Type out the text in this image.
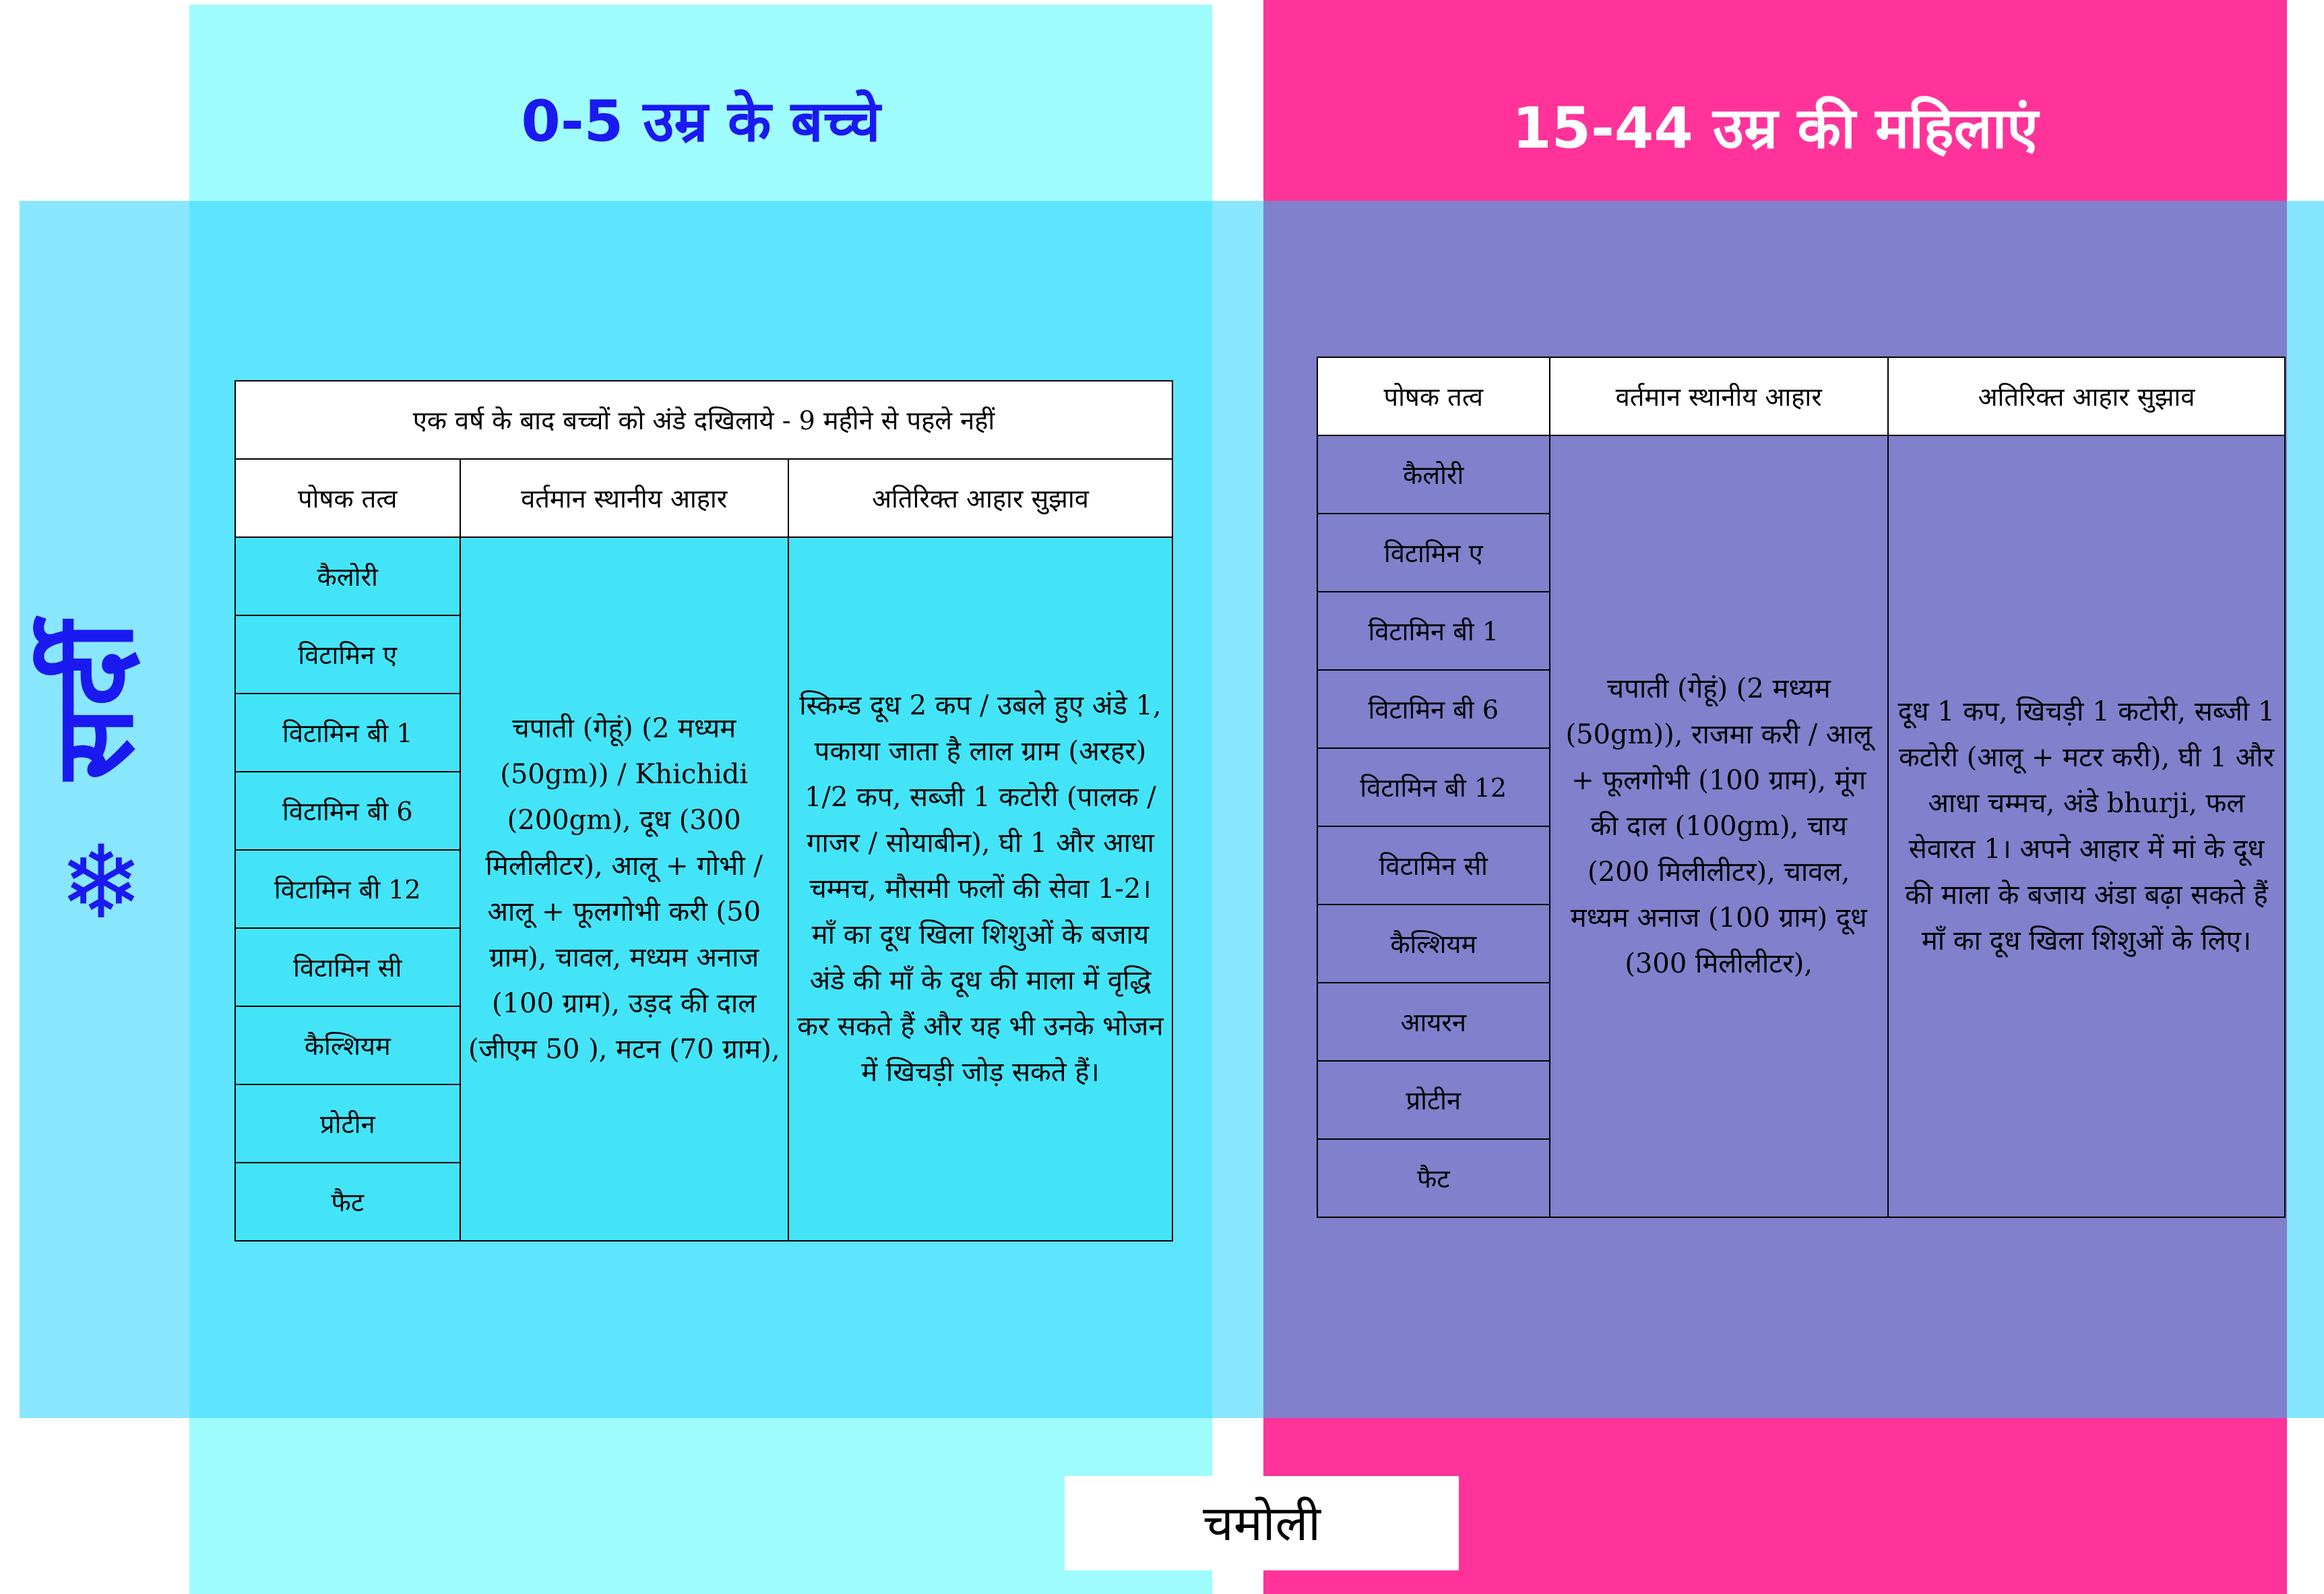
0-5 उम्र के बच्चे	15-44 उम्र की महिलाएं
सर्दी
❄
एक वर्ष के बाद बच्चों को अंडे दखिलाये - 9 महीने से पहले नहीं		
पोषक तत्व	वर्तमान स्थानीय आहार	अतिरिक्त आहार सुझाव
कैलोरी	चपाती (गेहूं) (2 मध्यम (50gm)) / Khichidi (200gm), दूध (300 मिलीलीटर), आलू + गोभी / आलू + फूलगोभी करी (50 ग्राम), चावल, मध्यम अनाज (100 ग्राम), उड़द की दाल (जीएम 50 ), मटन (70 ग्राम),	स्किम्ड दूध 2 कप / उबले हुए अंडे 1, पकाया जाता है लाल ग्राम (अरहर) 1/2 कप, सब्जी 1 कटोरी (पालक / गाजर / सोयाबीन), घी 1 और आधा चम्मच, मौसमी फलों की सेवा 1-2। माँ का दूध खिला शिशुओं के बजाय अंडे की माँ के दूध की माला में वृद्धि कर सकते हैं और यह भी उनके भोजन में खिचड़ी जोड़ सकते हैं।
विटामिन ए		
विटामिन बी 1		
विटामिन बी 6		
विटामिन बी 12		
विटामिन सी		
कैल्शियम		
प्रोटीन		
फैट		
पोषक तत्व	वर्तमान स्थानीय आहार	अतिरिक्त आहार सुझाव
कैलोरी	चपाती (गेहूं) (2 मध्यम (50gm)), राजमा करी / आलू + फूलगोभी (100 ग्राम), मूंग की दाल (100gm), चाय (200 मिलीलीटर), चावल, मध्यम अनाज (100 ग्राम) दूध (300 मिलीलीटर),	दूध 1 कप, खिचड़ी 1 कटोरी, सब्जी 1 कटोरी (आलू + मटर करी), घी 1 और आधा चम्मच, अंडे bhurji, फल सेवारत 1। अपने आहार में मां के दूध की माला के बजाय अंडा बढ़ा सकते हैं माँ का दूध खिला शिशुओं के लिए।
विटामिन ए		
विटामिन बी 1		
विटामिन बी 6		
विटामिन बी 12		
विटामिन सी		
कैल्शियम		
आयरन		
प्रोटीन		
फैट		
चमोली
